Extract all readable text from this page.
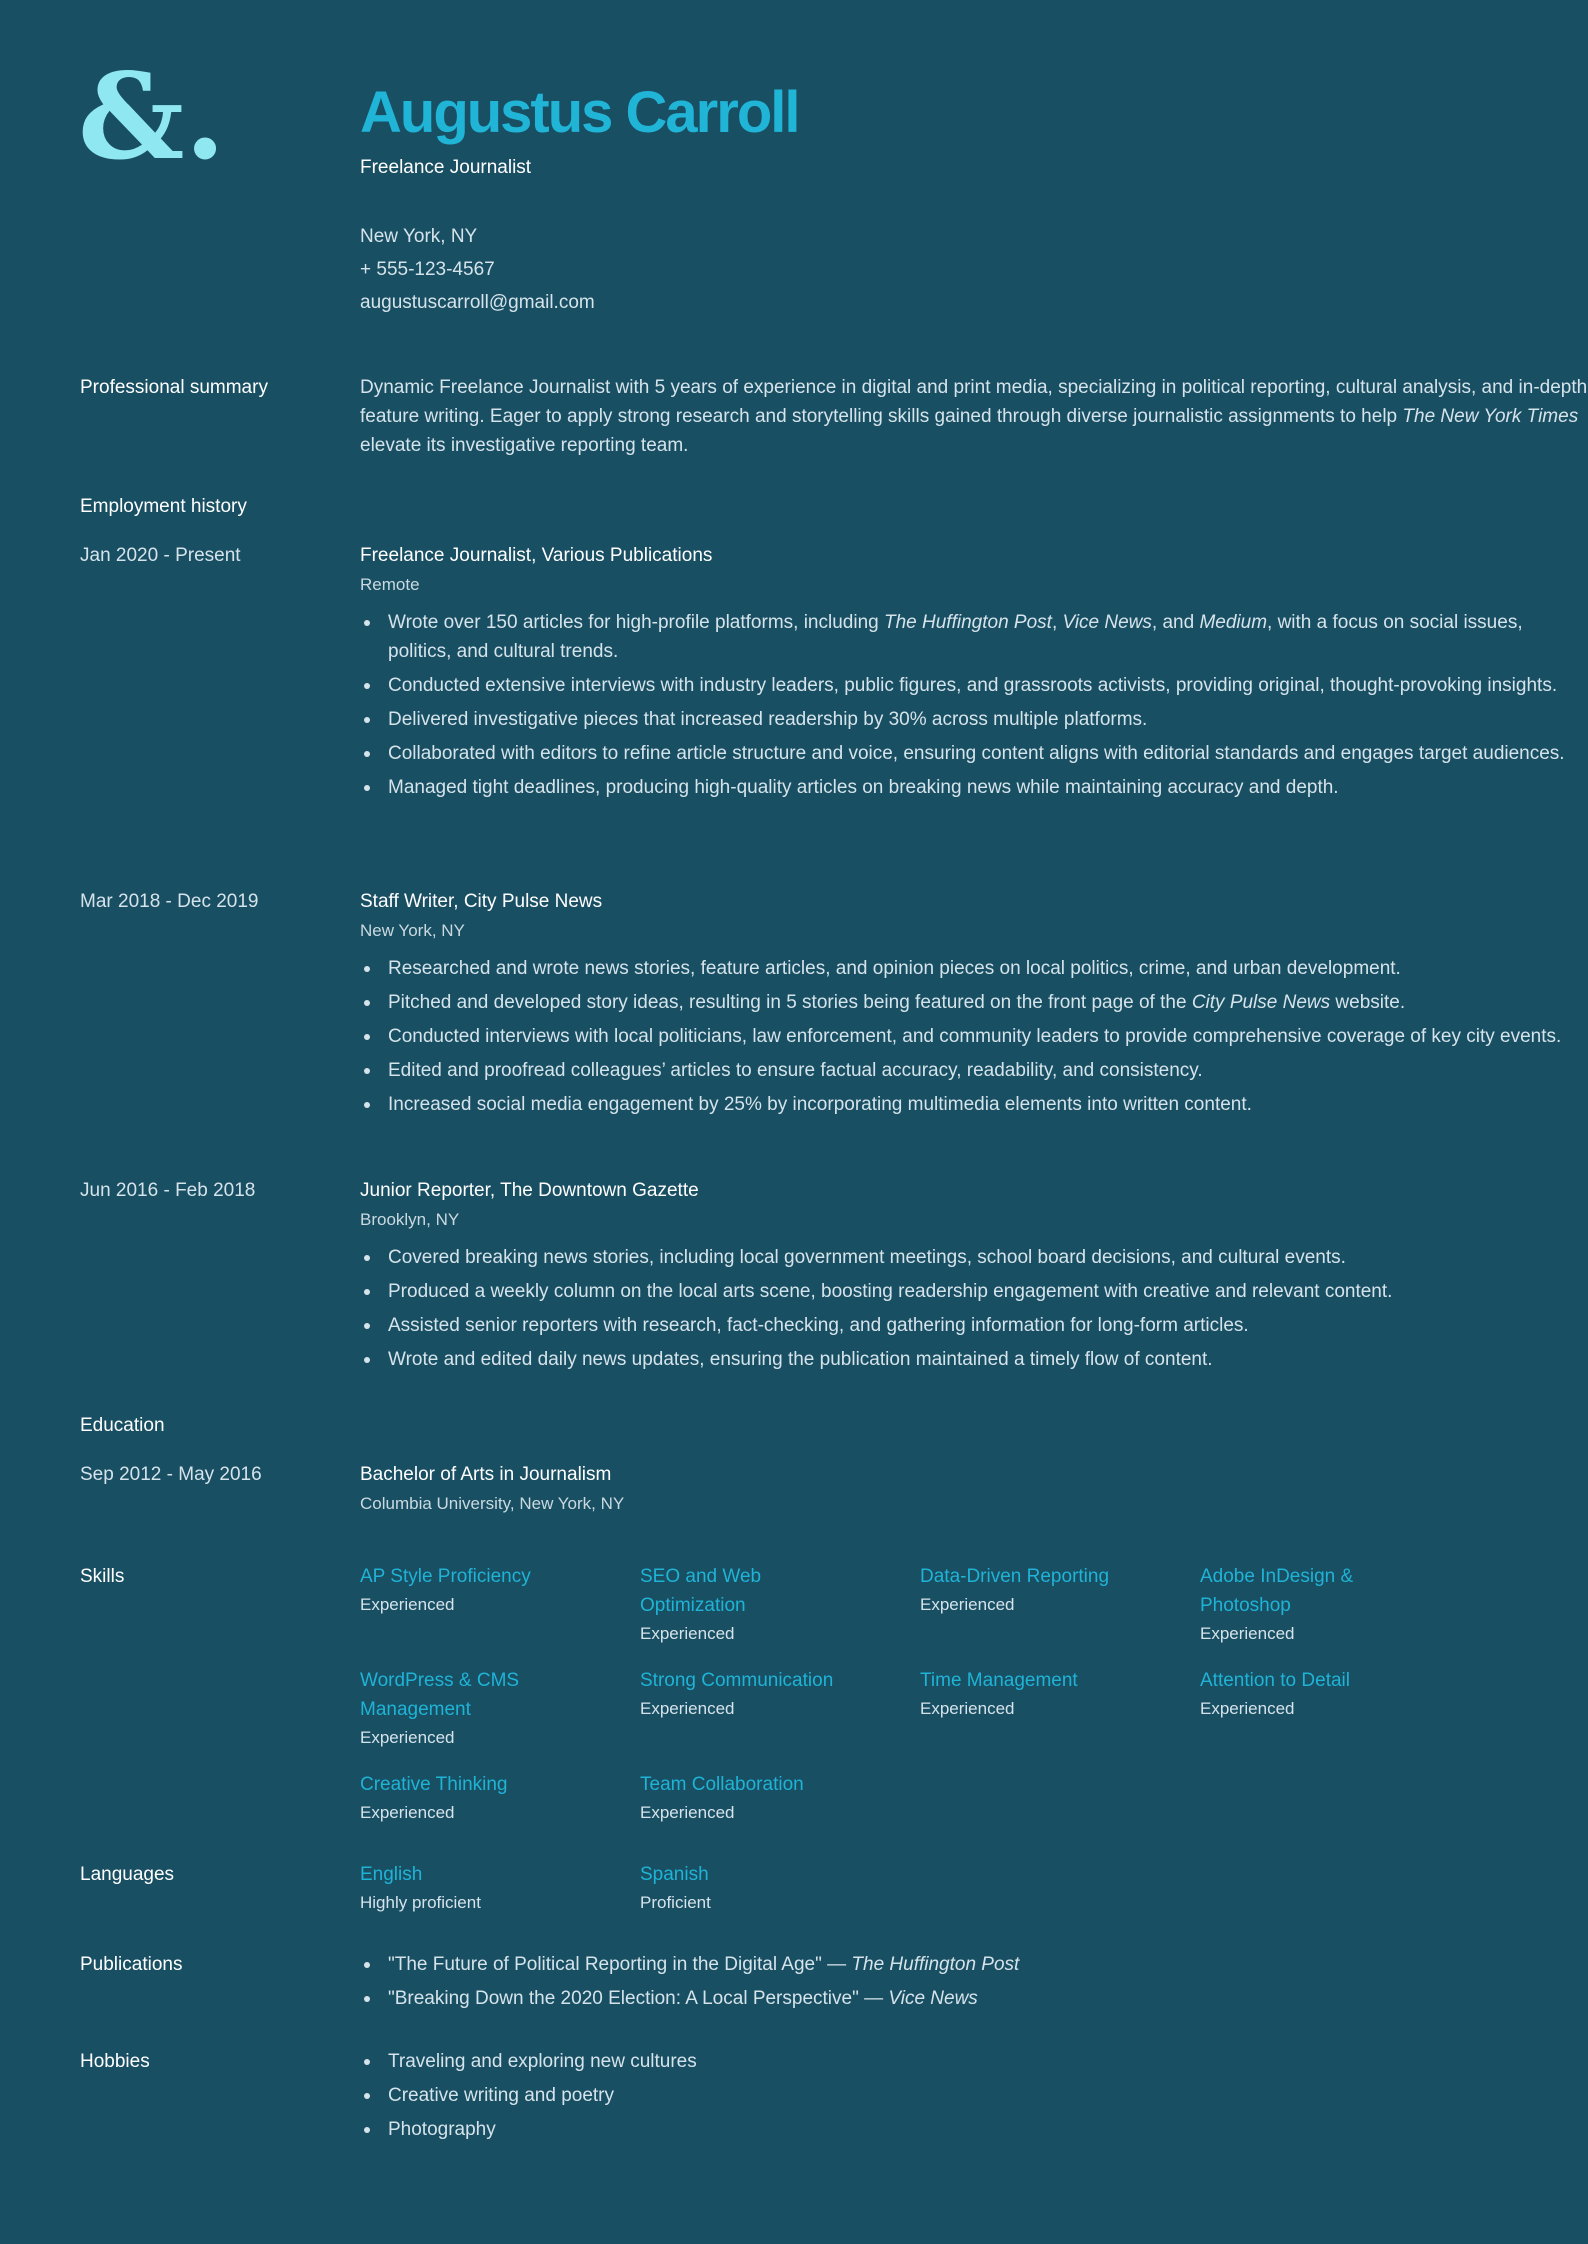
&. Augustus Carroll
Freelance Journalist
New York, NY
+ 555-123-4567
augustuscarroll@gmail.com
Professional summary	Dynamic Freelance Journalist with 5 years of experience in digital and print media, specializing in political reporting, cultural analysis, and in-depth feature writing. Eager to apply strong research and storytelling skills gained through diverse journalistic assignments to help The New York Times elevate its investigative reporting team.
Employment history
Jan 2020 - Present	Freelance Journalist, Various Publications
Remote
Wrote over 150 articles for high-profile platforms, including The Huffington Post, Vice News, and Medium, with a focus on social issues, politics, and cultural trends.
Conducted extensive interviews with industry leaders, public figures, and grassroots activists, providing original, thought-provoking insights.
Delivered investigative pieces that increased readership by 30% across multiple platforms.
Collaborated with editors to refine article structure and voice, ensuring content aligns with editorial standards and engages target audiences.
Managed tight deadlines, producing high-quality articles on breaking news while maintaining accuracy and depth.
Mar 2018 - Dec 2019	Staff Writer, City Pulse News
New York, NY
Researched and wrote news stories, feature articles, and opinion pieces on local politics, crime, and urban development.
Pitched and developed story ideas, resulting in 5 stories being featured on the front page of the City Pulse News website.
Conducted interviews with local politicians, law enforcement, and community leaders to provide comprehensive coverage of key city events.
Edited and proofread colleagues’ articles to ensure factual accuracy, readability, and consistency.
Increased social media engagement by 25% by incorporating multimedia elements into written content.
Jun 2016 - Feb 2018	Junior Reporter, The Downtown Gazette
Brooklyn, NY
Covered breaking news stories, including local government meetings, school board decisions, and cultural events.
Produced a weekly column on the local arts scene, boosting readership engagement with creative and relevant content.
Assisted senior reporters with research, fact-checking, and gathering information for long-form articles.
Wrote and edited daily news updates, ensuring the publication maintained a timely flow of content.
Education
Sep 2012 - May 2016	Bachelor of Arts in Journalism
Columbia University, New York, NY
Skills	AP Style Proficiency
Experienced
SEO and Web Optimization
Experienced
Data-Driven Reporting
Experienced
Adobe InDesign & Photoshop
Experienced
WordPress & CMS Management
Experienced
Strong Communication
Experienced
Time Management
Experienced
Attention to Detail
Experienced
Creative Thinking
Experienced
Team Collaboration
Experienced
Languages	English
Highly proficient
Spanish
Proficient
Publications	"The Future of Political Reporting in the Digital Age" — The Huffington Post
"Breaking Down the 2020 Election: A Local Perspective" — Vice News
Hobbies	Traveling and exploring new cultures
Creative writing and poetry
Photography
